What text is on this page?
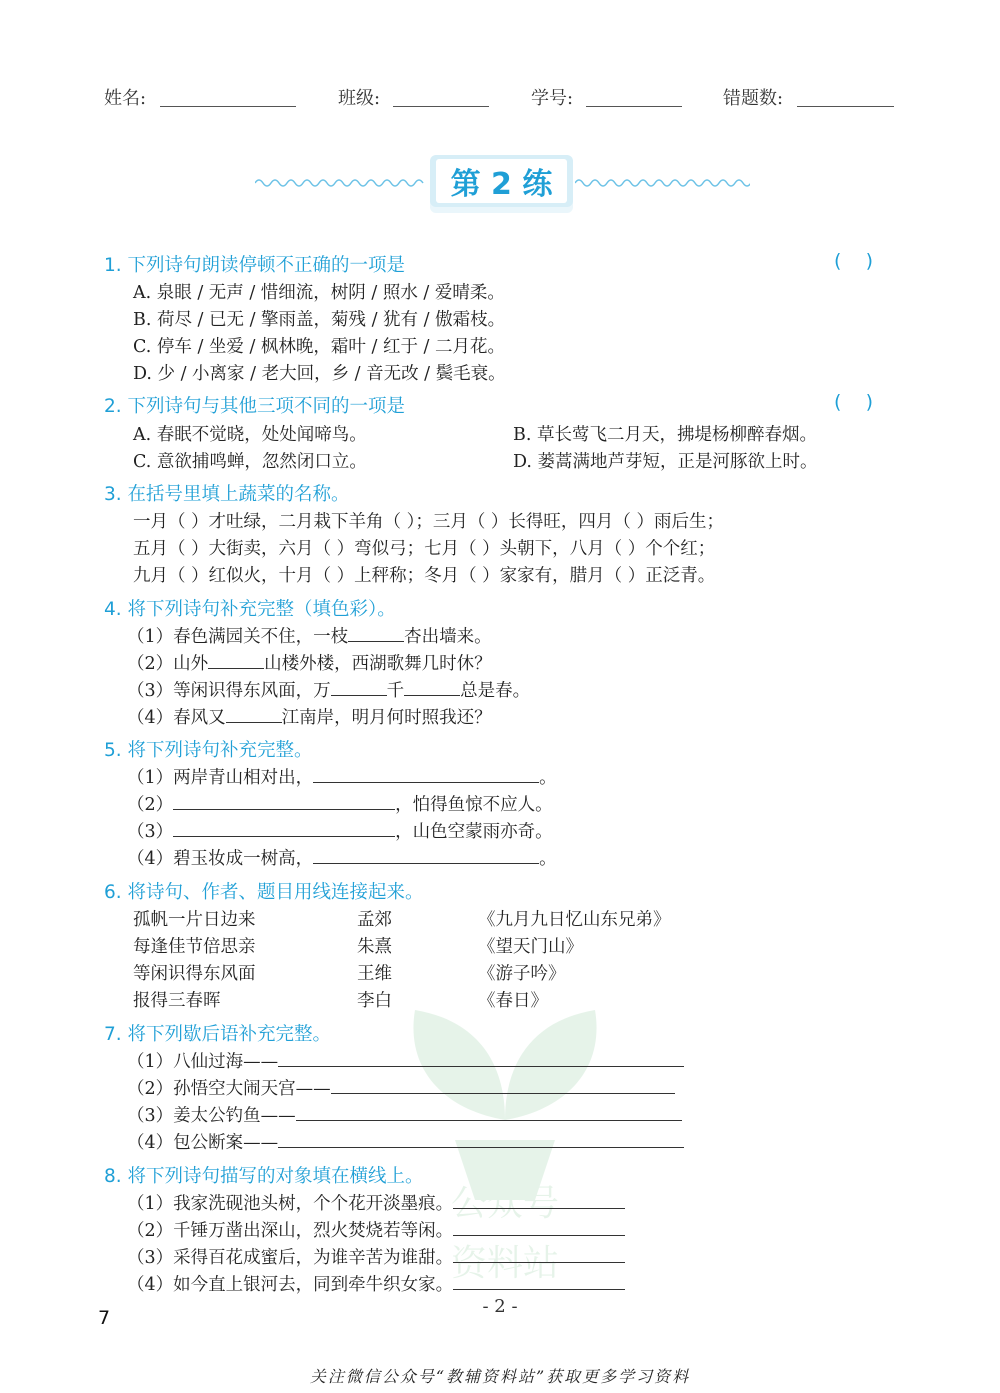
姓名:	班级:	学号:	错题数:
第 2 练
公众号
资料站
1. 下列诗句朗读停顿不正确的一项是	(    )
A. 泉眼 / 无声 / 惜细流，树阴 / 照水 / 爱晴柔。
B. 荷尽 / 已无 / 擎雨盖，菊残 / 犹有 / 傲霜枝。
C. 停车 / 坐爱 / 枫林晚，霜叶 / 红于 / 二月花。
D. 少 / 小离家 / 老大回，乡 / 音无改 / 鬓毛衰。
2. 下列诗句与其他三项不同的一项是	(    )
A. 春眠不觉晓，处处闻啼鸟。	B. 草长莺飞二月天，拂堤杨柳醉春烟。
C. 意欲捕鸣蝉，忽然闭口立。	D. 蒌蒿满地芦芽短，正是河豚欲上时。
3. 在括号里填上蔬菜的名称。
一月（ ）才吐绿，二月栽下羊角（ ）；三月（ ）长得旺，四月（ ）雨后生；
五月（ ）大街卖，六月（ ）弯似弓；七月（ ）头朝下，八月（ ）个个红；
九月（ ）红似火，十月（ ）上秤称；冬月（ ）家家有，腊月（ ）正泛青。
4. 将下列诗句补充完整（填色彩）。
（1）春色满园关不住，一枝	杏出墙来。
（2）山外	山楼外楼，西湖歌舞几时休？
（3）等闲识得东风面，万	千	总是春。
（4）春风又	江南岸，明月何时照我还？
5. 将下列诗句补充完整。
（1）两岸青山相对出，	。
（2）	，怕得鱼惊不应人。
（3）	，山色空蒙雨亦奇。
（4）碧玉妆成一树高，	。
6. 将诗句、作者、题目用线连接起来。
孤帆一片日边来	孟郊	《九月九日忆山东兄弟》
每逢佳节倍思亲	朱熹	《望天门山》
等闲识得东风面	王维	《游子吟》
报得三春晖	李白	《春日》
7. 将下列歇后语补充完整。
（1）八仙过海——
（2）孙悟空大闹天宫——
（3）姜太公钓鱼——
（4）包公断案——
8. 将下列诗句描写的对象填在横线上。
（1）我家洗砚池头树，个个花开淡墨痕。
（2）千锤万凿出深山，烈火焚烧若等闲。
（3）采得百花成蜜后，为谁辛苦为谁甜。
（4）如今直上银河去，同到牵牛织女家。
- 2 -
7
关注微信公众号“教辅资料站”获取更多学习资料
